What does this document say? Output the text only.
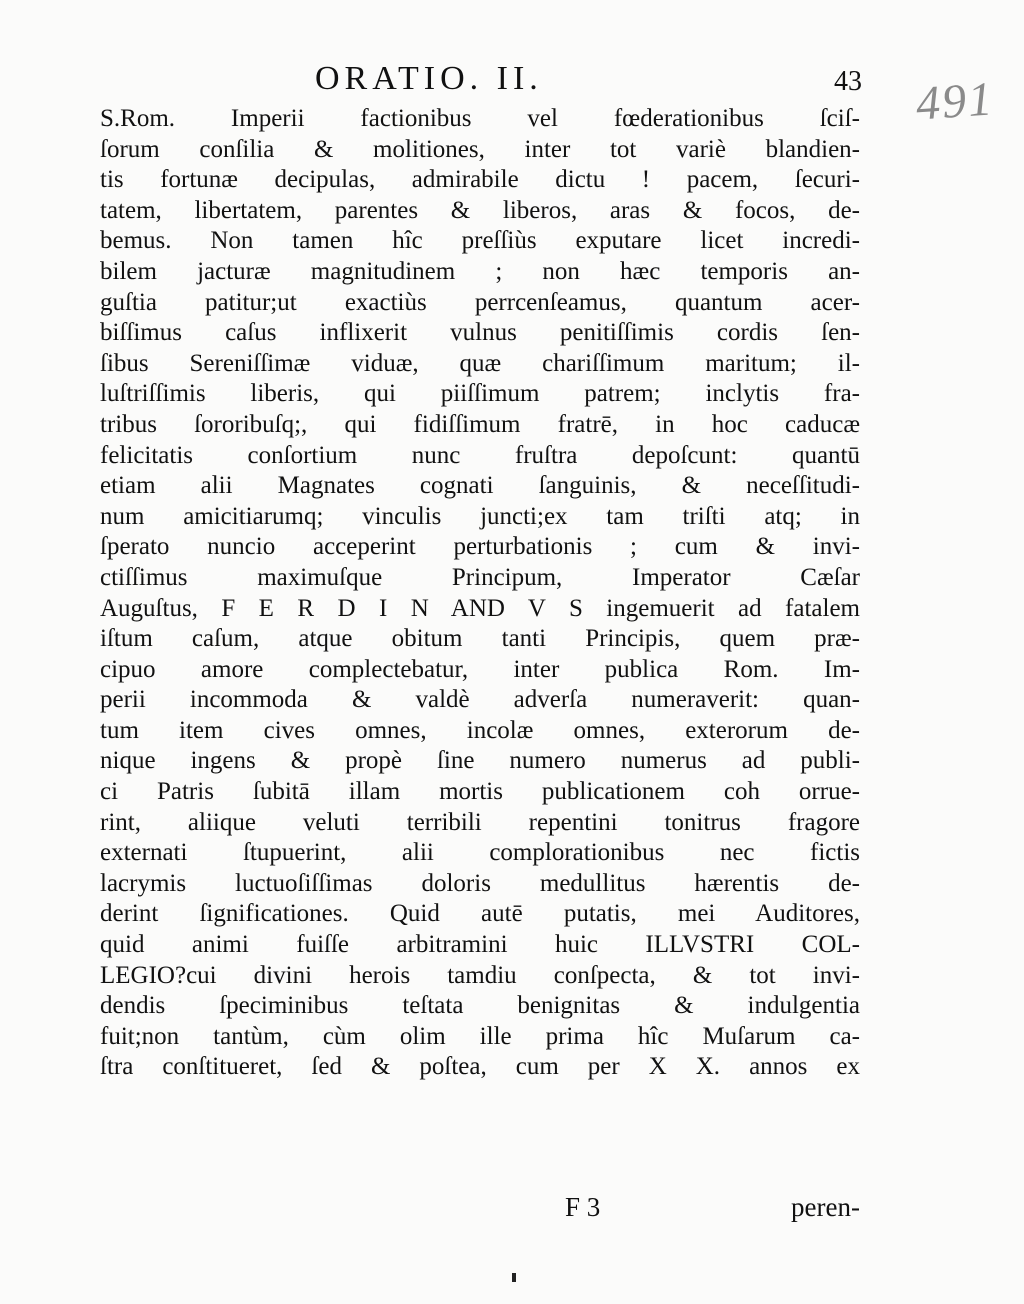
ORATIO. II.	43 491
S.Rom. Imperii factionibus vel fœderationibus ſciſ-
ſorum conſilia & molitiones, inter tot variè blandien-
tis fortunæ decipulas, admirabile dictu ! pacem, ſecuri-
tatem, libertatem, parentes & liberos, aras & focos, de-
bemus. Non tamen hîc preſſiùs exputare licet incredi-
bilem jacturæ magnitudinem ; non hæc temporis an-
guſtia patitur;ut exactiùs perrcenſeamus, quantum acer-
biſſimus caſus inflixerit vulnus penitiſſimis cordis ſen-
ſibus Sereniſſimæ viduæ, quæ chariſſimum maritum; il-
luſtriſſimis liberis, qui piiſſimum patrem; inclytis fra-
tribus ſororibuſq;, qui fidiſſimum fratrē, in hoc caducæ
felicitatis conſortium nunc fruſtra depoſcunt: quantū
etiam alii Magnates cognati ſanguinis, & neceſſitudi-
num amicitiarumq; vinculis juncti;ex tam triſti atq; in
ſperato nuncio acceperint perturbationis ; cum & invi-
ctiſſimus maximuſque Principum, Imperator Cæſar
Auguſtus, F E R D I N AND V S ingemuerit ad fatalem
iſtum caſum, atque obitum tanti Principis, quem præ-
cipuo amore complectebatur, inter publica Rom. Im-
perii incommoda & valdè adverſa numeraverit: quan-
tum item cives omnes, incolæ omnes, exterorum de-
nique ingens & propè ſine numero numerus ad publi-
ci Patris ſubitā illam mortis publicationem coh orrue-
rint, aliique veluti terribili repentini tonitrus fragore
externati ſtupuerint, alii complorationibus nec fictis
lacrymis luctuoſiſſimas doloris medullitus hærentis de-
derint ſignificationes. Quid autē putatis, mei Auditores,
quid animi fuiſſe arbitramini huic ILLVSTRI COL-
LEGIO?cui divini herois tamdiu conſpecta, & tot invi-
dendis ſpeciminibus teſtata benignitas & indulgentia
fuit;non tantùm, cùm olim ille prima hîc Muſarum ca-
ſtra conſtitueret, ſed & poſtea, cum per X X. annos ex
F 3	peren-
